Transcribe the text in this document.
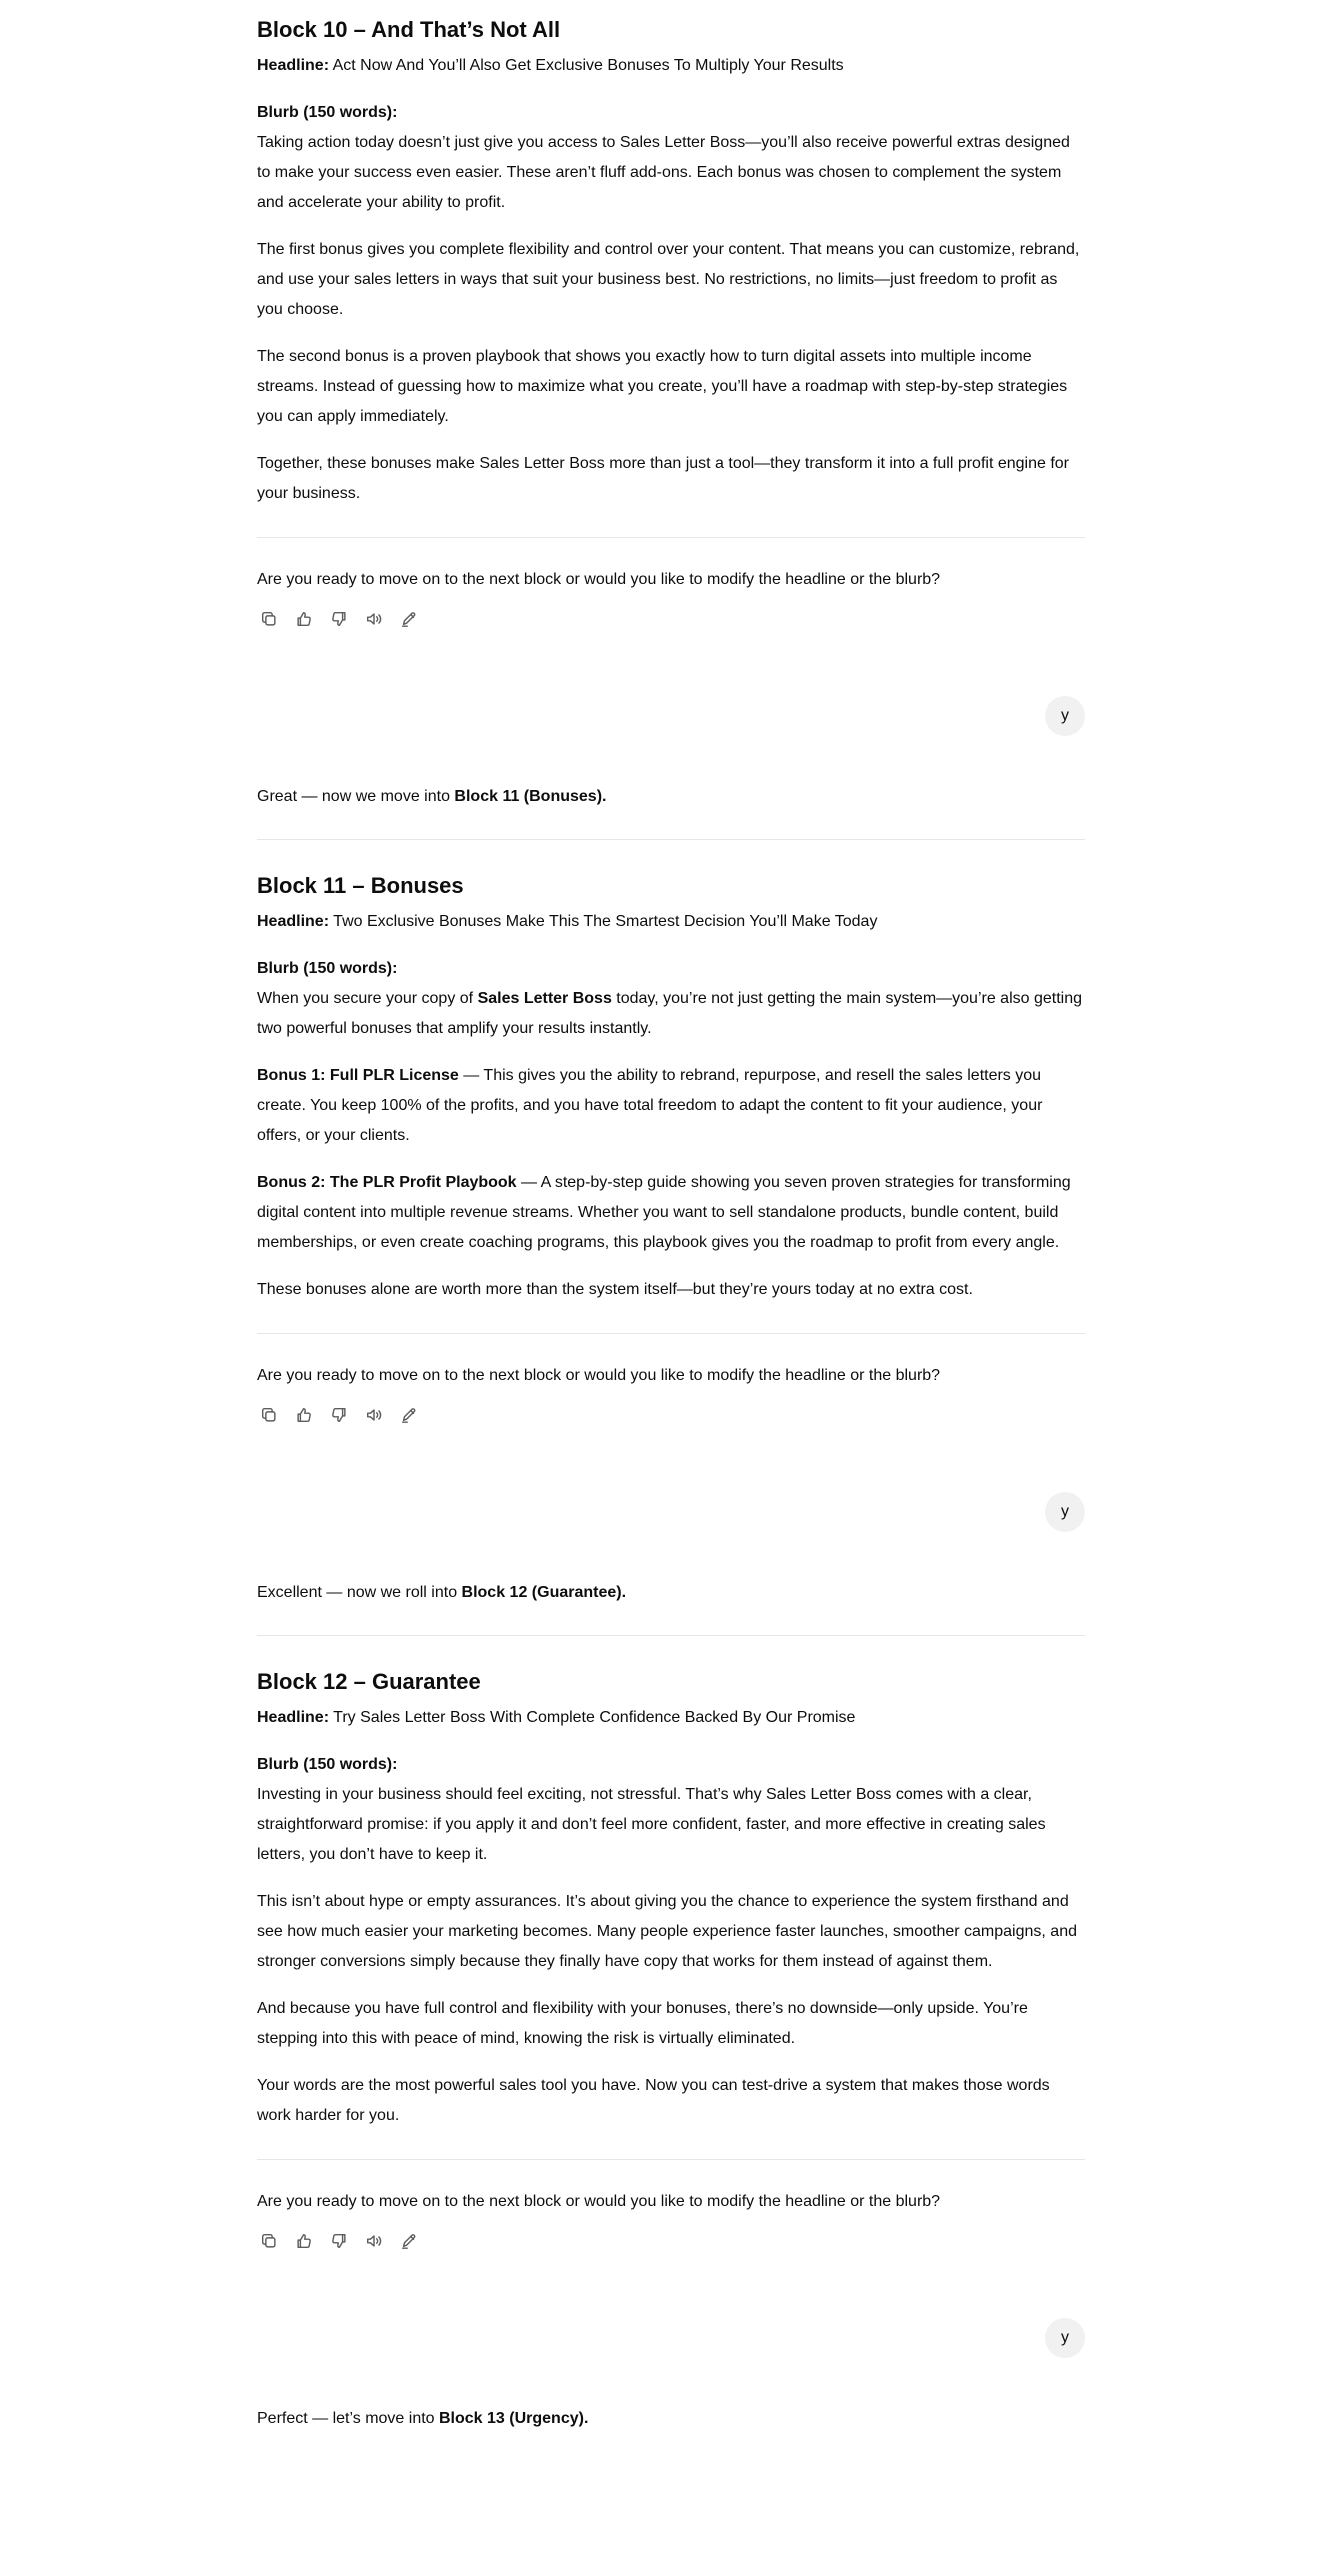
Block 10 – And That’s Not All

Headline: Act Now And You’ll Also Get Exclusive Bonuses To Multiply Your Results

Blurb (150 words):

Taking action today doesn’t just give you access to Sales Letter Boss—you’ll also receive powerful extras designed to make your success even easier. These aren’t fluff add-ons. Each bonus was chosen to complement the system and accelerate your ability to profit.

The first bonus gives you complete flexibility and control over your content. That means you can customize, rebrand, and use your sales letters in ways that suit your business best. No restrictions, no limits—just freedom to profit as you choose.

The second bonus is a proven playbook that shows you exactly how to turn digital assets into multiple income streams. Instead of guessing how to maximize what you create, you’ll have a roadmap with step-by-step strategies you can apply immediately.

Together, these bonuses make Sales Letter Boss more than just a tool—they transform it into a full profit engine for your business.

Are you ready to move on to the next block or would you like to modify the headline or the blurb?

y

Great — now we move into Block 11 (Bonuses).

Block 11 – Bonuses

Headline: Two Exclusive Bonuses Make This The Smartest Decision You’ll Make Today

Blurb (150 words):

When you secure your copy of Sales Letter Boss today, you’re not just getting the main system—you’re also getting two powerful bonuses that amplify your results instantly.

Bonus 1: Full PLR License — This gives you the ability to rebrand, repurpose, and resell the sales letters you create. You keep 100% of the profits, and you have total freedom to adapt the content to fit your audience, your offers, or your clients.

Bonus 2: The PLR Profit Playbook — A step-by-step guide showing you seven proven strategies for transforming digital content into multiple revenue streams. Whether you want to sell standalone products, bundle content, build memberships, or even create coaching programs, this playbook gives you the roadmap to profit from every angle.

These bonuses alone are worth more than the system itself—but they’re yours today at no extra cost.

Are you ready to move on to the next block or would you like to modify the headline or the blurb?

y

Excellent — now we roll into Block 12 (Guarantee).

Block 12 – Guarantee

Headline: Try Sales Letter Boss With Complete Confidence Backed By Our Promise

Blurb (150 words):

Investing in your business should feel exciting, not stressful. That’s why Sales Letter Boss comes with a clear, straightforward promise: if you apply it and don’t feel more confident, faster, and more effective in creating sales letters, you don’t have to keep it.

This isn’t about hype or empty assurances. It’s about giving you the chance to experience the system firsthand and see how much easier your marketing becomes. Many people experience faster launches, smoother campaigns, and stronger conversions simply because they finally have copy that works for them instead of against them.

And because you have full control and flexibility with your bonuses, there’s no downside—only upside. You’re stepping into this with peace of mind, knowing the risk is virtually eliminated.

Your words are the most powerful sales tool you have. Now you can test-drive a system that makes those words work harder for you.

Are you ready to move on to the next block or would you like to modify the headline or the blurb?

y

Perfect — let’s move into Block 13 (Urgency).
